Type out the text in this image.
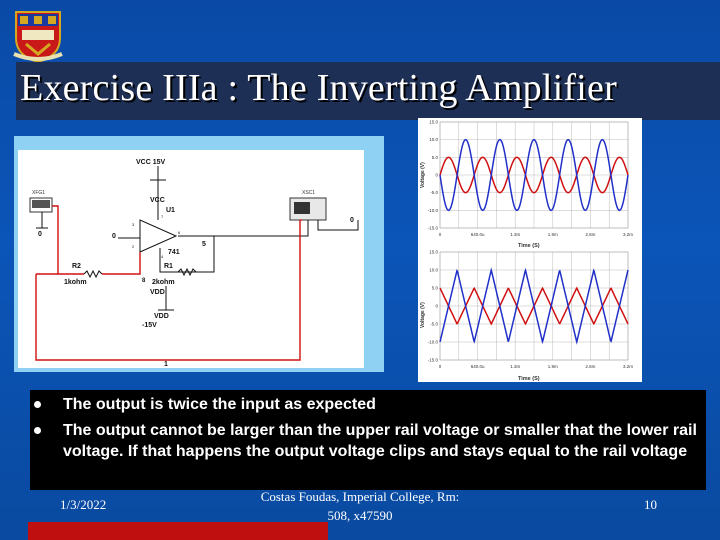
Exercise IIIa : The Inverting Amplifier
XFG1	XSC1
VCC 15V
VCC
U1
741
R1
2kohm
VDD
R2
1kohm
VDD
-15V
0	0
0
5
8
1
3
2
4
7
6
15.0
10.0
5.0
0
-5.0
-10.0
-15.0
0	640.0u	1.3m	1.9m	2.6m	3.2m
Voltage (V)
Time (S)
15.0
10.0
5.0
0
-5.0
-10.0
-15.0
0	640.0u	1.3m	1.9m	2.6m	3.2m
Voltage (V)
Time (S)
The output is twice the input as expected
The output cannot be larger than the upper rail voltage or smaller that the lower rail voltage. If that happens the output voltage clips and stays equal to the rail voltage
1/3/2022
Costas Foudas, Imperial College, Rm:
508, x47590
10
